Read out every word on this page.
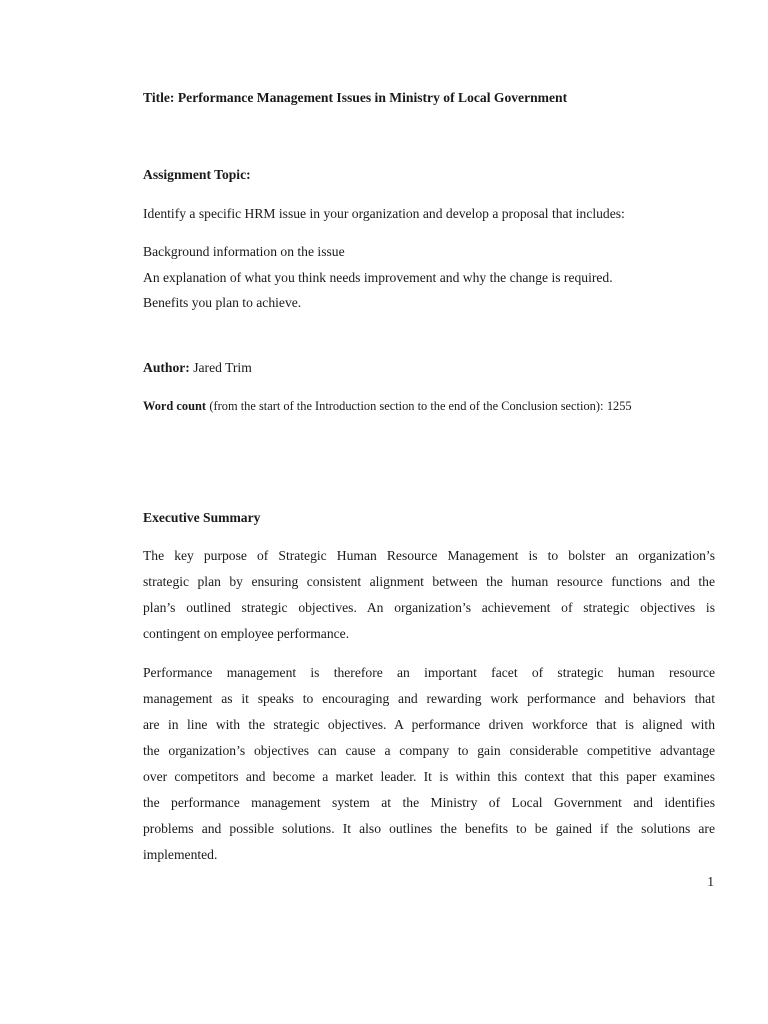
Title: Performance Management Issues in Ministry of Local Government
Assignment Topic:
Identify a specific HRM issue in your organization and develop a proposal that includes:
Background information on the issue
An explanation of what you think needs improvement and why the change is required.
Benefits you plan to achieve.
Author: Jared Trim
Word count (from the start of the Introduction section to the end of the Conclusion section): 1255
Executive Summary
The key purpose of Strategic Human Resource Management is to bolster an organization’s
strategic plan by ensuring consistent alignment between the human resource functions and the
plan’s outlined strategic objectives. An organization’s achievement of strategic objectives is
contingent on employee performance.
Performance management is therefore an important facet of strategic human resource
management as it speaks to encouraging and rewarding work performance and behaviors that
are in line with the strategic objectives. A performance driven workforce that is aligned with
the organization’s objectives can cause a company to gain considerable competitive advantage
over competitors and become a market leader. It is within this context that this paper examines
the performance management system at the Ministry of Local Government and identifies
problems and possible solutions. It also outlines the benefits to be gained if the solutions are
implemented.
1
